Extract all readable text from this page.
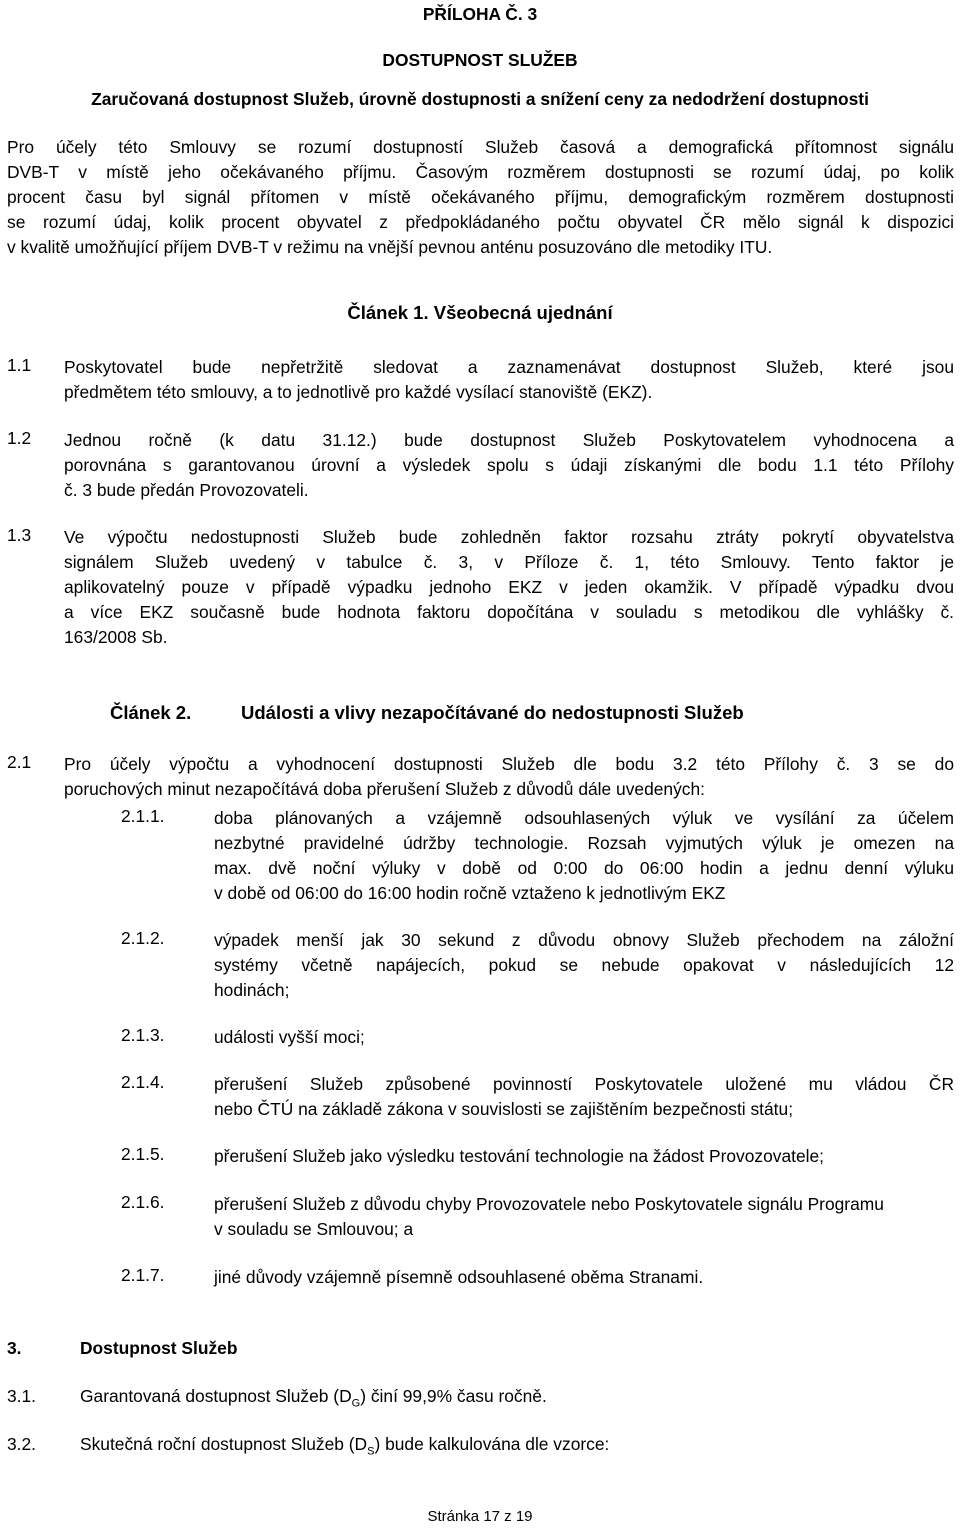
PŘÍLOHA Č. 3
DOSTUPNOST SLUŽEB
Zaručovaná dostupnost Služeb, úrovně dostupnosti a snížení ceny za nedodržení dostupnosti
Pro účely této Smlouvy se rozumí dostupností Služeb časová a demografická přítomnost signálu
DVB-T v místě jeho očekávaného příjmu. Časovým rozměrem dostupnosti se rozumí údaj, po kolik
procent času byl signál přítomen v místě očekávaného příjmu, demografickým rozměrem dostupnosti
se rozumí údaj, kolik procent obyvatel z předpokládaného počtu obyvatel ČR mělo signál k dispozici
v kvalitě umožňující příjem DVB-T v režimu na vnější pevnou anténu posuzováno dle metodiky ITU.
Článek 1. Všeobecná ujednání
1.1 Poskytovatel bude nepřetržitě sledovat a zaznamenávat dostupnost Služeb, které jsou
předmětem této smlouvy, a to jednotlivě pro každé vysílací stanoviště (EKZ).
1.2 Jednou ročně (k datu 31.12.) bude dostupnost Služeb Poskytovatelem vyhodnocena a
porovnána s garantovanou úrovní a výsledek spolu s údaji získanými dle bodu 1.1 této Přílohy
č. 3 bude předán Provozovateli.
1.3 Ve výpočtu nedostupnosti Služeb bude zohledněn faktor rozsahu ztráty pokrytí obyvatelstva
signálem Služeb uvedený v tabulce č. 3, v Příloze č. 1, této Smlouvy. Tento faktor je
aplikovatelný pouze v případě výpadku jednoho EKZ v jeden okamžik. V případě výpadku dvou
a více EKZ současně bude hodnota faktoru dopočítána v souladu s metodikou dle vyhlášky č.
163/2008 Sb.
Článek 2.	Události a vlivy nezapočítávané do nedostupnosti Služeb
2.1 Pro účely výpočtu a vyhodnocení dostupnosti Služeb dle bodu 3.2 této Přílohy č. 3 se do
poruchových minut nezapočítává doba přerušení Služeb z důvodů dále uvedených:
2.1.1.	doba plánovaných a vzájemně odsouhlasených výluk ve vysílání za účelem
nezbytné pravidelné údržby technologie. Rozsah vyjmutých výluk je omezen na
max. dvě noční výluky v době od 0:00 do 06:00 hodin a jednu denní výluku
v době od 06:00 do 16:00 hodin ročně vztaženo k jednotlivým EKZ
2.1.2.	výpadek menší jak 30 sekund z důvodu obnovy Služeb přechodem na záložní
systémy včetně napájecích, pokud se nebude opakovat v následujících 12
hodinách;
2.1.3.	události vyšší moci;
2.1.4.	přerušení Služeb způsobené povinností Poskytovatele uložené mu vládou ČR
nebo ČTÚ na základě zákona v souvislosti se zajištěním bezpečnosti státu;
2.1.5.	přerušení Služeb jako výsledku testování technologie na žádost Provozovatele;
2.1.6.	přerušení Služeb z důvodu chyby Provozovatele nebo Poskytovatele signálu Programu
v souladu se Smlouvou; a
2.1.7.	jiné důvody vzájemně písemně odsouhlasené oběma Stranami.
3.	Dostupnost Služeb
3.1.	Garantovaná dostupnost Služeb $(D_G)$ činí 99,9% času ročně.
3.2.	Skutečná roční dostupnost Služeb $(D_S)$ bude kalkulována dle vzorce:
Stránka 17 z 19
